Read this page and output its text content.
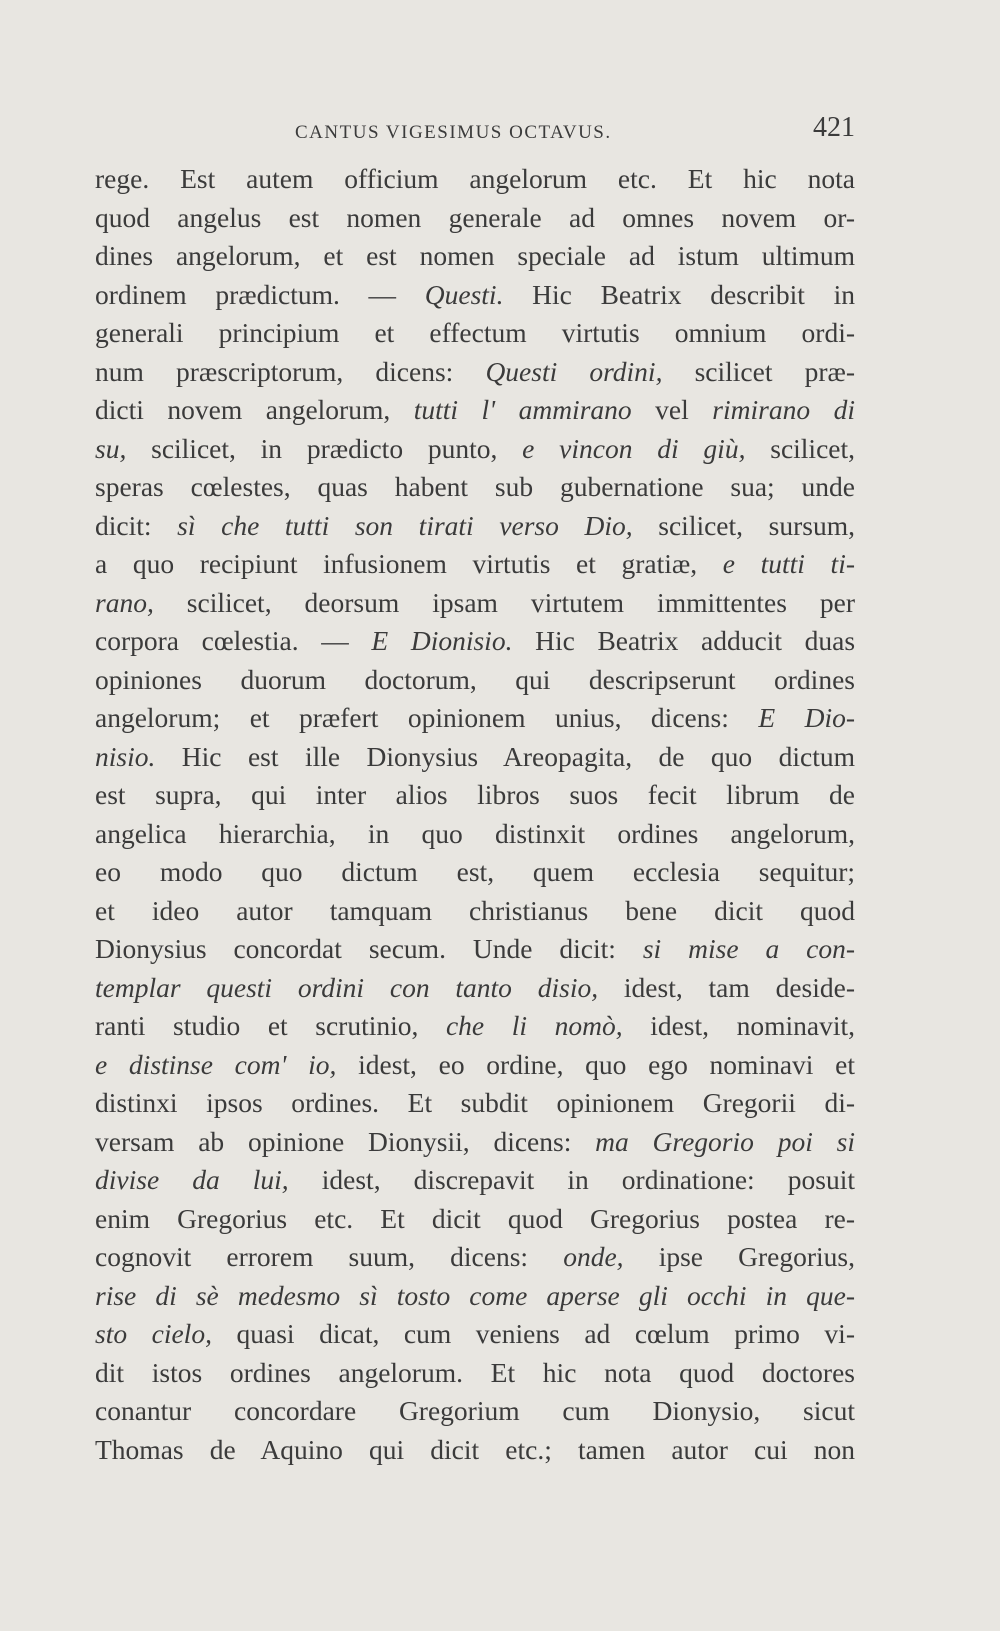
CANTUS VIGESIMUS OCTAVUS.	421
rege. Est autem officium angelorum etc. Et hic nota
quod angelus est nomen generale ad omnes novem or-
dines angelorum, et est nomen speciale ad istum ultimum
ordinem prædictum. — Questi. Hic Beatrix describit in
generali principium et effectum virtutis omnium ordi-
num præscriptorum, dicens: Questi ordini, scilicet præ-
dicti novem angelorum, tutti l' ammirano vel rimirano di
su, scilicet, in prædicto punto, e vincon di giù, scilicet,
speras cœlestes, quas habent sub gubernatione sua; unde
dicit: sì che tutti son tirati verso Dio, scilicet, sursum,
a quo recipiunt infusionem virtutis et gratiæ, e tutti ti-
rano, scilicet, deorsum ipsam virtutem immittentes per
corpora cœlestia. — E Dionisio. Hic Beatrix adducit duas
opiniones duorum doctorum, qui descripserunt ordines
angelorum; et præfert opinionem unius, dicens: E Dio-
nisio. Hic est ille Dionysius Areopagita, de quo dictum
est supra, qui inter alios libros suos fecit librum de
angelica hierarchia, in quo distinxit ordines angelorum,
eo modo quo dictum est, quem ecclesia sequitur;
et ideo autor tamquam christianus bene dicit quod
Dionysius concordat secum. Unde dicit: si mise a con-
templar questi ordini con tanto disio, idest, tam deside-
ranti studio et scrutinio, che li nomò, idest, nominavit,
e distinse com' io, idest, eo ordine, quo ego nominavi et
distinxi ipsos ordines. Et subdit opinionem Gregorii di-
versam ab opinione Dionysii, dicens: ma Gregorio poi si
divise da lui, idest, discrepavit in ordinatione: posuit
enim Gregorius etc. Et dicit quod Gregorius postea re-
cognovit errorem suum, dicens: onde, ipse Gregorius,
rise di sè medesmo sì tosto come aperse gli occhi in que-
sto cielo, quasi dicat, cum veniens ad cœlum primo vi-
dit istos ordines angelorum. Et hic nota quod doctores
conantur concordare Gregorium cum Dionysio, sicut
Thomas de Aquino qui dicit etc.; tamen autor cui non
